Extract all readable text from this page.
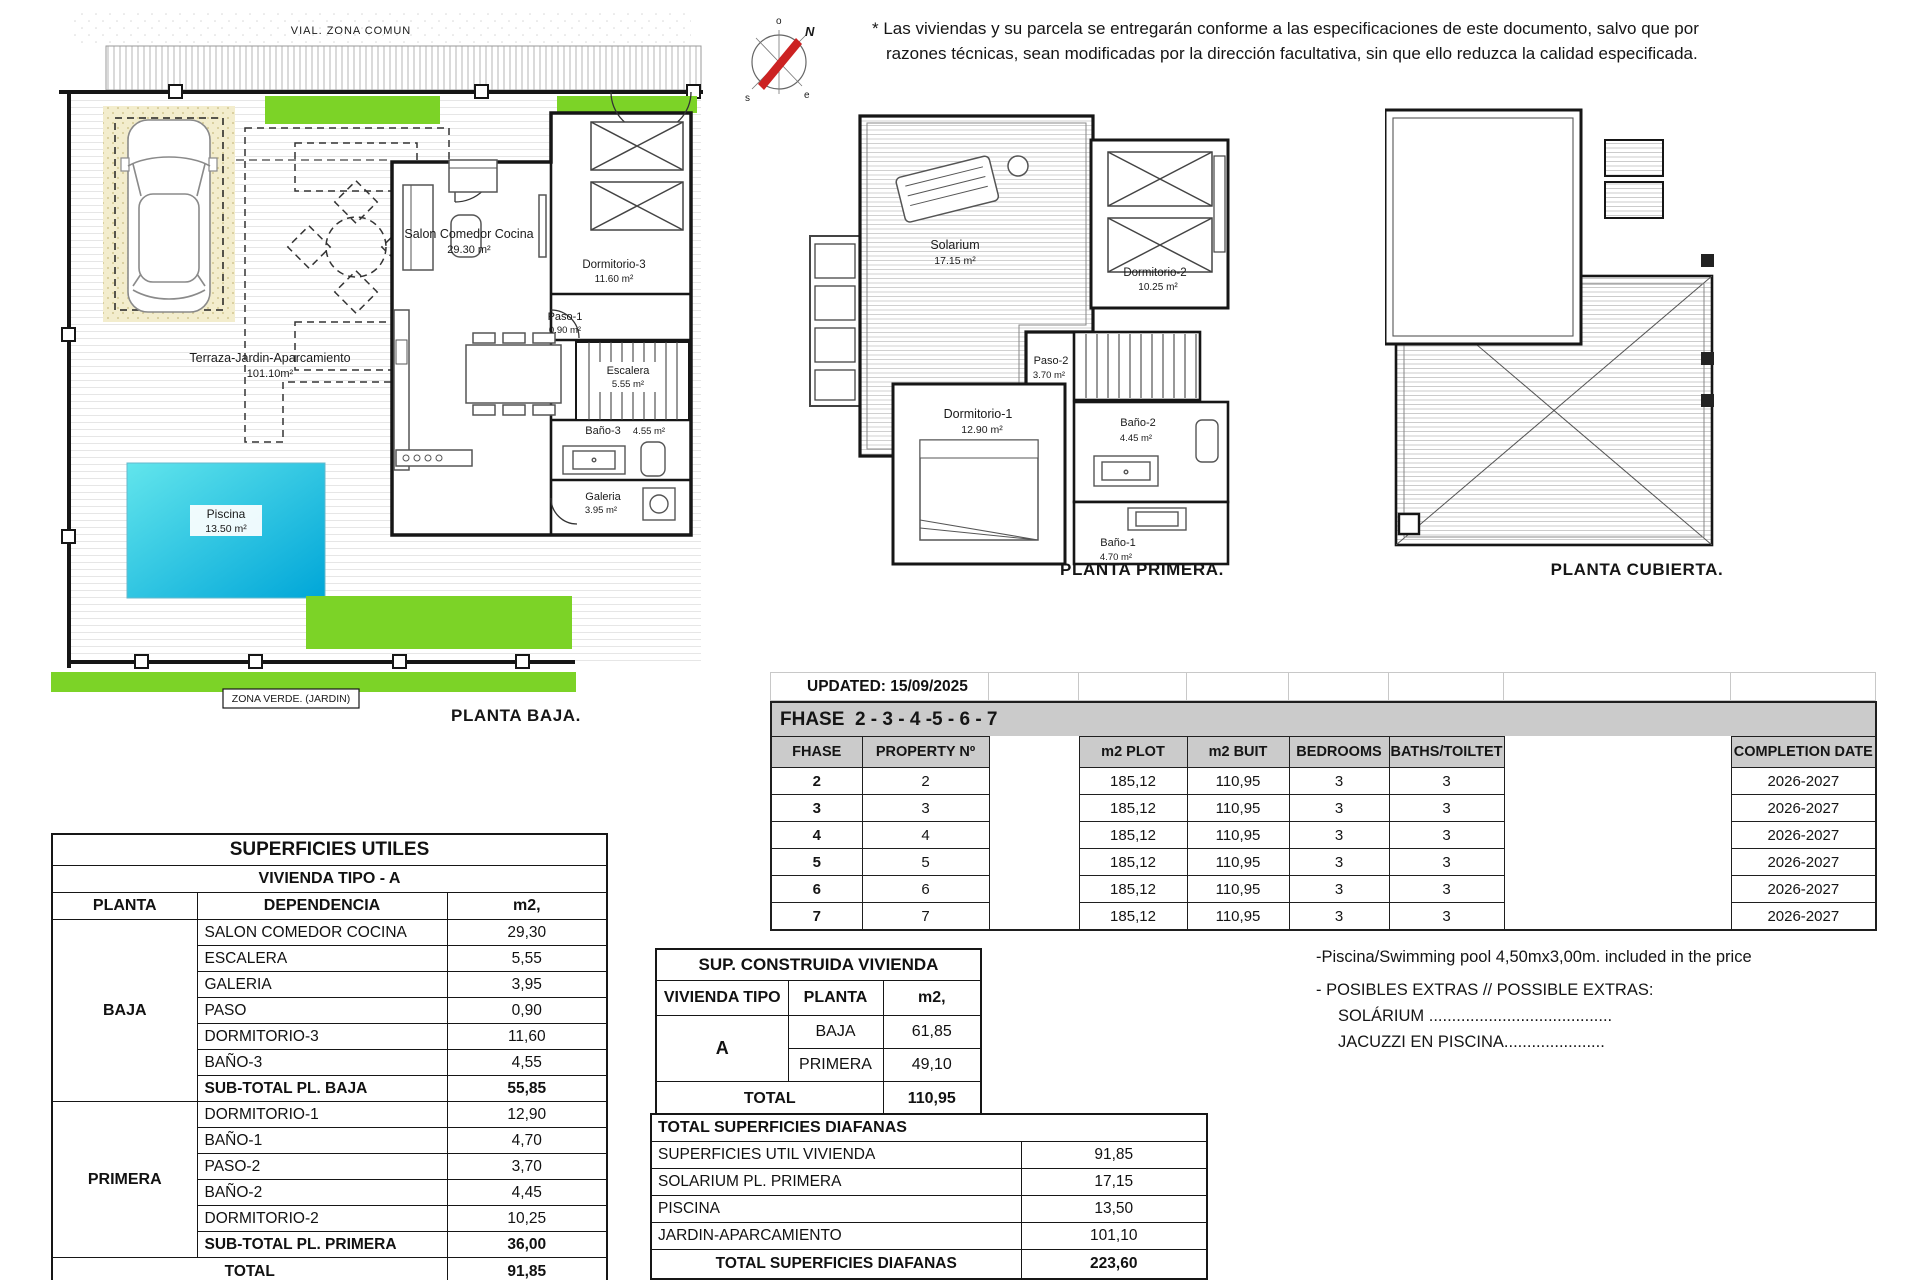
* Las viviendas y su parcela se entregarán conforme a las especificaciones de este documento, salvo que por
razones técnicas, sean modificadas por la dirección facultativa, sin que ello reduzca la calidad especificada.
o
N
s	e
VIAL. ZONA COMUN
Terraza-Jardin-Aparcamiento
101.10m²
Piscina
13.50 m²
ZONA VERDE. (JARDIN)
Salon Comedor Cocina
29.30 m²
Dormitorio-3
11.60 m²
Paso-1
0.90 m²
Escalera
5.55 m²
Baño-3 4.55 m²
Galeria
3.95 m²
PLANTA BAJA.
Solarium
17.15 m²
Dormitorio-2
10.25 m²
Paso-2
3.70 m²
Dormitorio-1
12.90 m²
Baño-2
4.45 m²
Baño-1
4.70 m²
PLANTA PRIMERA.	PLANTA CUBIERTA.
UPDATED: 15/09/2025							
FHASE  2 - 3 - 4 -5 - 6 - 7								
FHASE	PROPERTY Nº		m2 PLOT	m2 BUIT	BEDROOMS	BATHS/TOILTET		COMPLETION DATE
2	2		185,12	110,95	3	3		2026-2027
3	3		185,12	110,95	3	3		2026-2027
4	4		185,12	110,95	3	3		2026-2027
5	5		185,12	110,95	3	3		2026-2027
6	6		185,12	110,95	3	3		2026-2027
7	7		185,12	110,95	3	3		2026-2027
SUPERFICIES UTILES		
VIVIENDA TIPO - A		
PLANTA	DEPENDENCIA	m2,
BAJA	SALON COMEDOR COCINA	29,30
	ESCALERA	5,55
	GALERIA	3,95
	PASO	0,90
	DORMITORIO-3	11,60
	BAÑO-3	4,55
	SUB-TOTAL PL. BAJA	55,85
PRIMERA	DORMITORIO-1	12,90
	BAÑO-1	4,70
	PASO-2	3,70
	BAÑO-2	4,45
	DORMITORIO-2	10,25
	SUB-TOTAL PL. PRIMERA	36,00
TOTAL		91,85
SUP. CONSTRUIDA VIVIENDA		
VIVIENDA TIPO	PLANTA	m2,
A	BAJA	61,85
	PRIMERA	49,10
TOTAL		110,95
TOTAL SUPERFICIES DIAFANAS	
SUPERFICIES UTIL VIVIENDA	91,85
SOLARIUM PL. PRIMERA	17,15
PISCINA	13,50
JARDIN-APARCAMIENTO	101,10
TOTAL SUPERFICIES DIAFANAS	223,60
-Piscina/Swimming pool 4,50mx3,00m. included in the price
- POSIBLES EXTRAS // POSSIBLE EXTRAS:
SOLÁRIUM ........................................
JACUZZI EN PISCINA......................
